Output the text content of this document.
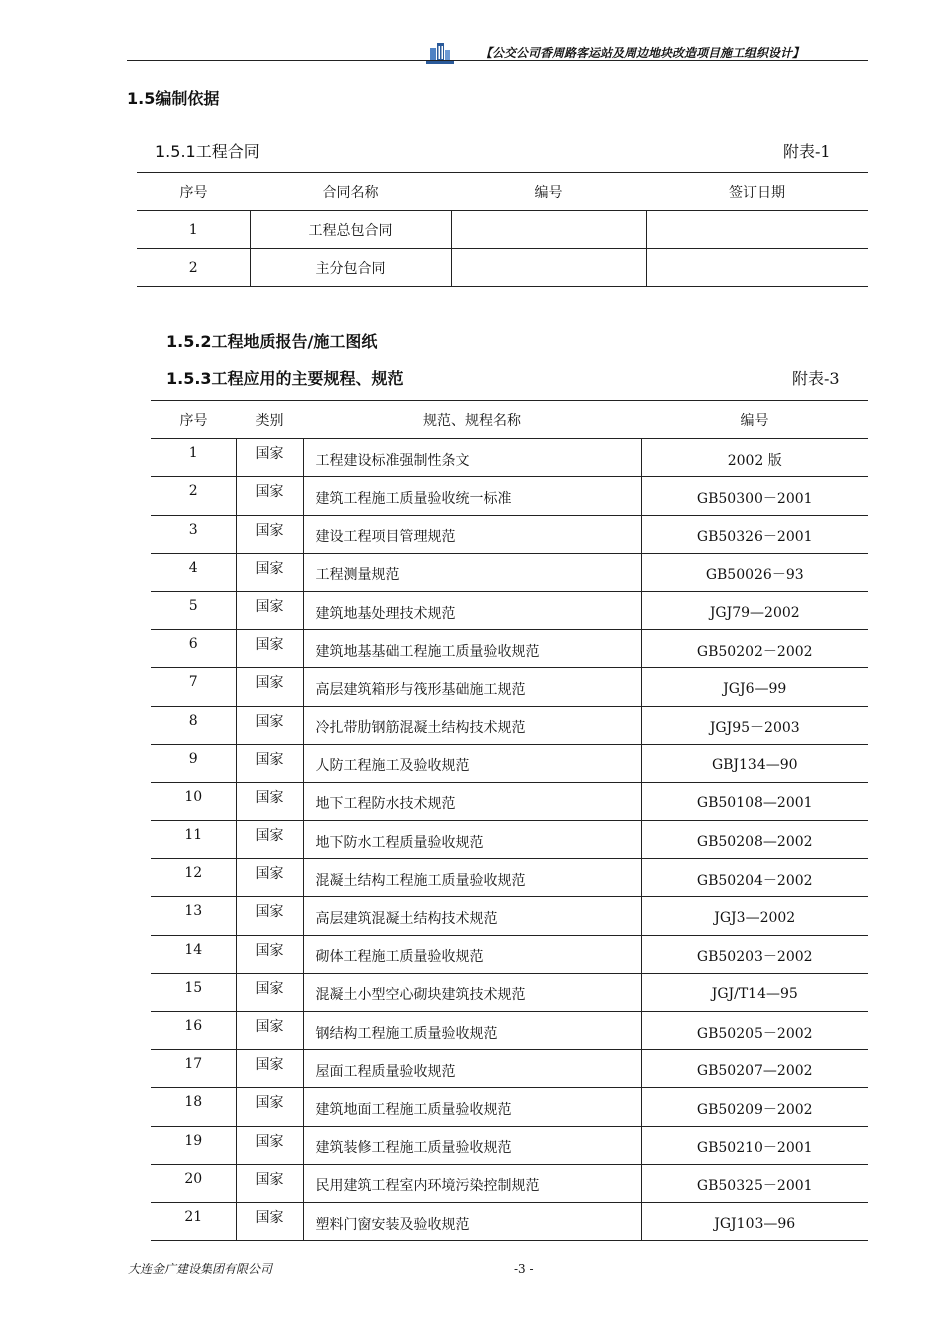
【公交公司香周路客运站及周边地块改造项目施工组织设计】
1.5编制依据
1.5.1工程合同	附表-1
序号	合同名称	编号	签订日期
1	工程总包合同		
2	主分包合同		
1.5.2工程地质报告/施工图纸
1.5.3工程应用的主要规程、规范	附表-3
序号	类别	规范、规程名称	编号
1	国家	工程建设标准强制性条文	2002 版
2	国家	建筑工程施工质量验收统一标准	GB50300－2001
3	国家	建设工程项目管理规范	GB50326－2001
4	国家	工程测量规范	GB50026－93
5	国家	建筑地基处理技术规范	JGJ79—2002
6	国家	建筑地基基础工程施工质量验收规范	GB50202－2002
7	国家	高层建筑箱形与筏形基础施工规范	JGJ6—99
8	国家	冷扎带肋钢筋混凝土结构技术规范	JGJ95－2003
9	国家	人防工程施工及验收规范	GBJ134—90
10	国家	地下工程防水技术规范	GB50108—2001
11	国家	地下防水工程质量验收规范	GB50208—2002
12	国家	混凝土结构工程施工质量验收规范	GB50204－2002
13	国家	高层建筑混凝土结构技术规范	JGJ3—2002
14	国家	砌体工程施工质量验收规范	GB50203－2002
15	国家	混凝土小型空心砌块建筑技术规范	JGJ/T14—95
16	国家	钢结构工程施工质量验收规范	GB50205－2002
17	国家	屋面工程质量验收规范	GB50207—2002
18	国家	建筑地面工程施工质量验收规范	GB50209－2002
19	国家	建筑装修工程施工质量验收规范	GB50210－2001
20	国家	民用建筑工程室内环境污染控制规范	GB50325－2001
21	国家	塑料门窗安装及验收规范	JGJ103—96
大连金广建设集团有限公司	-3 -
